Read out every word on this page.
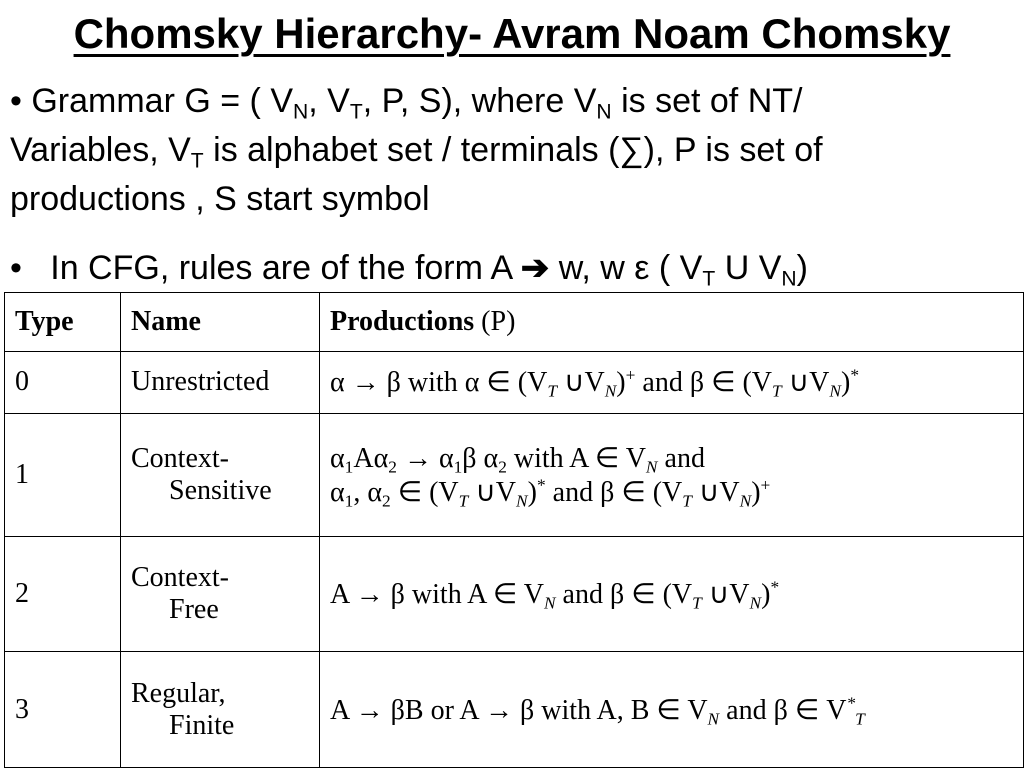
Chomsky Hierarchy- Avram Noam Chomsky
• Grammar G = ( $V_N$, $V_T$, P, S), where $V_N$ is set of NT/
Variables, $V_T$ is alphabet set / terminals (∑), P is set of
productions , S start symbol
•   In CFG, rules are of the form A ➔ w, w ε ( $V_T$ U $V_N$)
Type	Name	Productions (P)
0	Unrestricted	α → β with α ∈ ($V_T$ $\cup V_N)^+$ and β ∈ ($V_T$ $\cup V_N)^*$
1	Context-
Sensitive	$\alpha_1A\alpha_2 \to \alpha_1\beta$ $\alpha_2$ with A ∈ $V_N$ and
$\alpha_1$, $\alpha_2$ ∈ ($V_T$ $\cup V_N)^*$ and β ∈ ($V_T$ $\cup V_N)^+$
2	Context-
Free	A → β with A ∈ $V_N$ and β ∈ ($V_T$ $\cup V_N)^*$
3	Regular,
Finite	A → βB or A → β with A, B ∈ $V_N$ and β ∈ $V^*_T$
